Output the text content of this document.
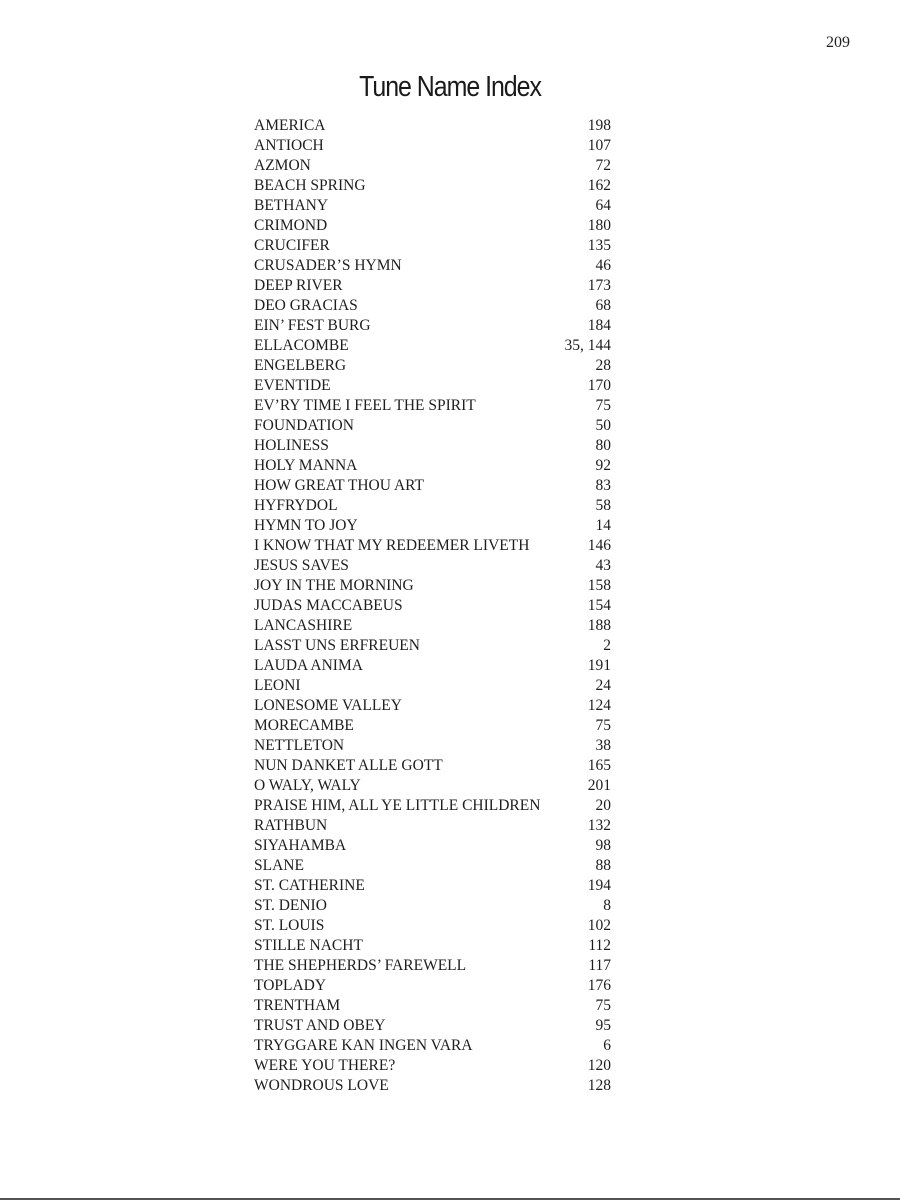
209
Tune Name Index
AMERICA	198
ANTIOCH	107
AZMON	72
BEACH SPRING	162
BETHANY	64
CRIMOND	180
CRUCIFER	135
CRUSADER’S HYMN	46
DEEP RIVER	173
DEO GRACIAS	68
EIN’ FEST BURG	184
ELLACOMBE	35, 144
ENGELBERG	28
EVENTIDE	170
EV’RY TIME I FEEL THE SPIRIT	75
FOUNDATION	50
HOLINESS	80
HOLY MANNA	92
HOW GREAT THOU ART	83
HYFRYDOL	58
HYMN TO JOY	14
I KNOW THAT MY REDEEMER LIVETH	146
JESUS SAVES	43
JOY IN THE MORNING	158
JUDAS MACCABEUS	154
LANCASHIRE	188
LASST UNS ERFREUEN	2
LAUDA ANIMA	191
LEONI	24
LONESOME VALLEY	124
MORECAMBE	75
NETTLETON	38
NUN DANKET ALLE GOTT	165
O WALY, WALY	201
PRAISE HIM, ALL YE LITTLE CHILDREN	20
RATHBUN	132
SIYAHAMBA	98
SLANE	88
ST. CATHERINE	194
ST. DENIO	8
ST. LOUIS	102
STILLE NACHT	112
THE SHEPHERDS’ FAREWELL	117
TOPLADY	176
TRENTHAM	75
TRUST AND OBEY	95
TRYGGARE KAN INGEN VARA	6
WERE YOU THERE?	120
WONDROUS LOVE	128
